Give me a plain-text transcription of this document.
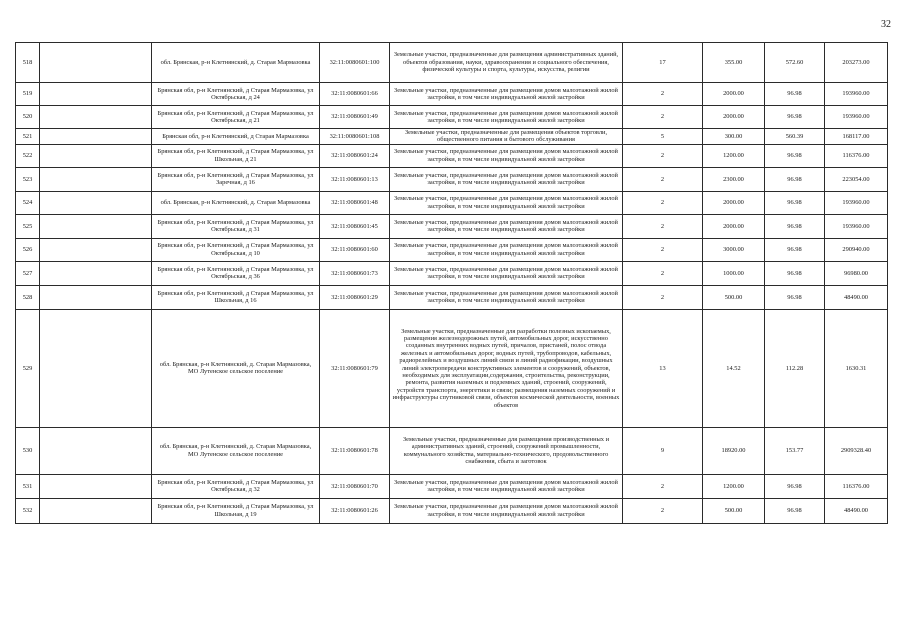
32
518		обл. Брянская, р-н Клетнянский, д. Старая Мармазовка	32:11:0080601:100	Земельные участки, предназначенные для размещения административных зданий, объектов образования, науки, здравоохранения и социального обеспечения, физической культуры и спорта, культуры, искусства, религии	17	355.00	572.60	203273.00
519		Брянская обл, р-н Клетнянский, д Старая Мармазовка, ул Октябрьская, д 24	32:11:0080601:66	Земельные участки, предназначенные для размещения домов малоэтажной жилой застройки, в том числе индивидуальной жилой застройки	2	2000.00	96.98	193960.00
520		Брянская обл, р-н Клетнянский, д Старая Мармазовка, ул Октябрьская, д 21	32:11:0080601:49	Земельные участки, предназначенные для размещения домов малоэтажной жилой застройки, в том числе индивидуальной жилой застройки	2	2000.00	96.98	193960.00
521		Брянская обл, р-н Клетнянский, д Старая Мармазовка	32:11:0080601:108	Земельные участки, предназначенные для размещения объектов торговли, общественного питания и бытового обслуживания	5	300.00	560.39	168117.00
522		Брянская обл, р-н Клетнянский, д Старая Мармазовка, ул Школьная, д 21	32:11:0080601:24	Земельные участки, предназначенные для размещения домов малоэтажной жилой застройки, в том числе индивидуальной жилой застройки	2	1200.00	96.98	116376.00
523		Брянская обл, р-н Клетнянский, д Старая Мармазовка, ул Заречная, д 16	32:11:0080601:13	Земельные участки, предназначенные для размещения домов малоэтажной жилой застройки, в том числе индивидуальной жилой застройки	2	2300.00	96.98	223054.00
524		обл. Брянская, р-н Клетнянский, д. Старая Мармазовка	32:11:0080601:48	Земельные участки, предназначенные для размещения домов малоэтажной жилой застройки, в том числе индивидуальной жилой застройки	2	2000.00	96.98	193960.00
525		Брянская обл, р-н Клетнянский, д Старая Мармазовка, ул Октябрьская, д 31	32:11:0080601:45	Земельные участки, предназначенные для размещения домов малоэтажной жилой застройки, в том числе индивидуальной жилой застройки	2	2000.00	96.98	193960.00
526		Брянская обл, р-н Клетнянский, д Старая Мармазовка, ул Октябрьская, д 10	32:11:0080601:60	Земельные участки, предназначенные для размещения домов малоэтажной жилой застройки, в том числе индивидуальной жилой застройки	2	3000.00	96.98	290940.00
527		Брянская обл, р-н Клетнянский, д Старая Мармазовка, ул Октябрьская, д 36	32:11:0080601:73	Земельные участки, предназначенные для размещения домов малоэтажной жилой застройки, в том числе индивидуальной жилой застройки	2	1000.00	96.98	96980.00
528		Брянская обл, р-н Клетнянский, д Старая Мармазовка, ул Школьная, д 16	32:11:0080601:29	Земельные участки, предназначенные для размещения домов малоэтажной жилой застройки, в том числе индивидуальной жилой застройки	2	500.00	96.98	48490.00
529		обл. Брянская, р-н Клетнянский, д. Старая Мармазовка, МО Лутенское сельское поселение	32:11:0080601:79	Земельные участки, предназначенные для разработки полезных ископаемых, размещения железнодорожных путей, автомобильных дорог, искусственно созданных внутренних водных путей, причалов, пристаней, полос отвода железных и автомобильных дорог, водных путей, трубопроводов, кабельных, радиорелейных и воздушных линий связи и линий радиофикации, воздушных линий электропередачи конструктивных элементов и сооружений, объектов, необходимых для эксплуатации,содержания, строительства, реконструкции, ремонта, развития наземных и подземных зданий, строений, сооружений, устройств транспорта, энергетики и связи; размещения наземных сооружений и инфраструктуры спутниковой связи, объектов космической деятельности, военных объектов	13	14.52	112.28	1630.31
530		обл. Брянская, р-н Клетнянский, д. Старая Мармазовка, МО Лутенское сельское поселение	32:11:0080601:78	Земельные участки, предназначенные для размещения производственных и административных зданий, строений, сооружений промышленности, коммунального хозяйства, материально-технического, продовольственного снабжения, сбыта и заготовок	9	18920.00	153.77	2909328.40
531		Брянская обл, р-н Клетнянский, д Старая Мармазовка, ул Октябрьская, д 32	32:11:0080601:70	Земельные участки, предназначенные для размещения домов малоэтажной жилой застройки, в том числе индивидуальной жилой застройки	2	1200.00	96.98	116376.00
532		Брянская обл, р-н Клетнянский, д Старая Мармазовка, ул Школьная, д 19	32:11:0080601:26	Земельные участки, предназначенные для размещения домов малоэтажной жилой застройки, в том числе индивидуальной жилой застройки	2	500.00	96.98	48490.00
